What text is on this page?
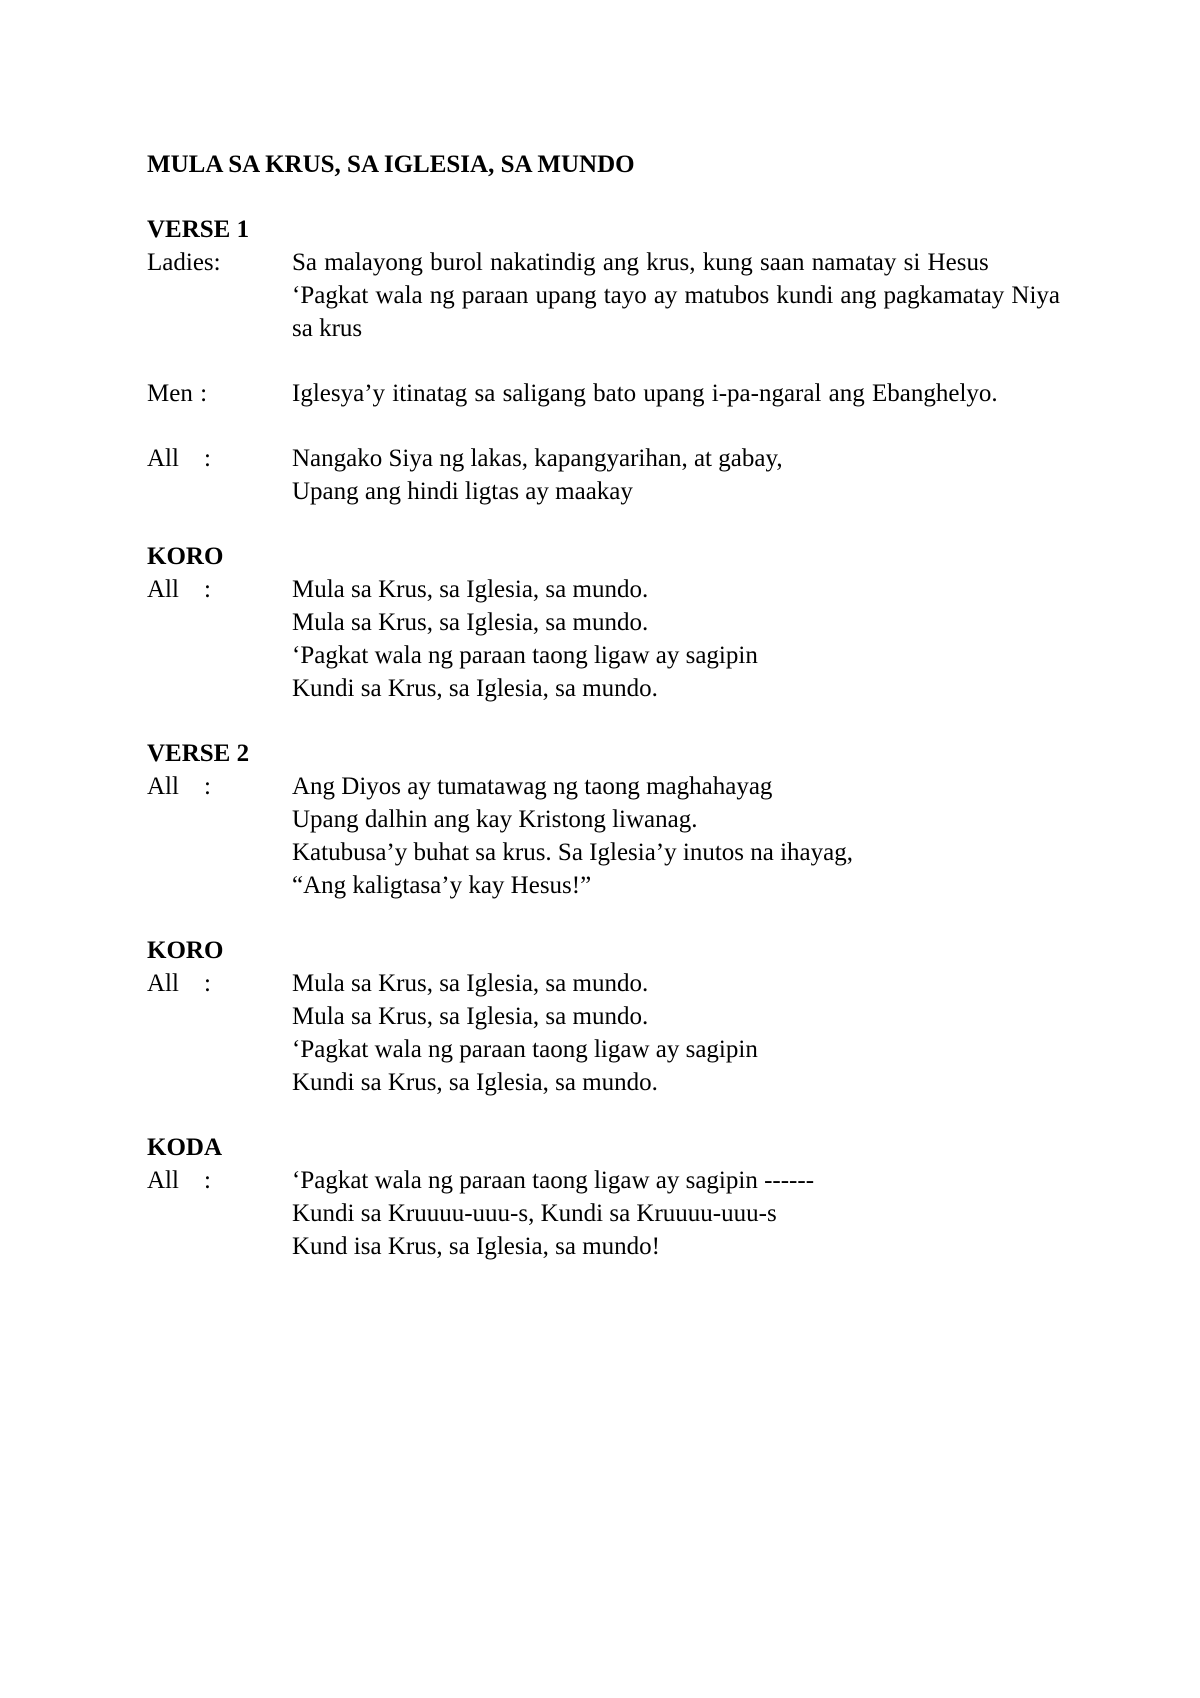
MULA SA KRUS, SA IGLESIA, SA MUNDO
VERSE 1
Ladies:	Sa malayong burol nakatindig ang krus, kung saan namatay si Hesus
‘Pagkat wala ng paraan upang tayo ay matubos kundi ang pagkamatay Niya sa krus
Men :	Iglesya’y itinatag sa saligang bato upang i-pa-ngaral ang Ebanghelyo.
All    :	Nangako Siya ng lakas, kapangyarihan, at gabay,
Upang ang hindi ligtas ay maakay
KORO
All    :	Mula sa Krus, sa Iglesia, sa mundo.
Mula sa Krus, sa Iglesia, sa mundo.
‘Pagkat wala ng paraan taong ligaw ay sagipin
Kundi sa Krus, sa Iglesia, sa mundo.
VERSE 2
All    :	Ang Diyos ay tumatawag ng taong maghahayag
Upang dalhin ang kay Kristong liwanag.
Katubusa’y buhat sa krus. Sa Iglesia’y inutos na ihayag,
“Ang kaligtasa’y kay Hesus!”
KORO
All    :	Mula sa Krus, sa Iglesia, sa mundo.
Mula sa Krus, sa Iglesia, sa mundo.
‘Pagkat wala ng paraan taong ligaw ay sagipin
Kundi sa Krus, sa Iglesia, sa mundo.
KODA
All    :	‘Pagkat wala ng paraan taong ligaw ay sagipin ------
Kundi sa Kruuuu-uuu-s, Kundi sa Kruuuu-uuu-s
Kund isa Krus, sa Iglesia, sa mundo!
